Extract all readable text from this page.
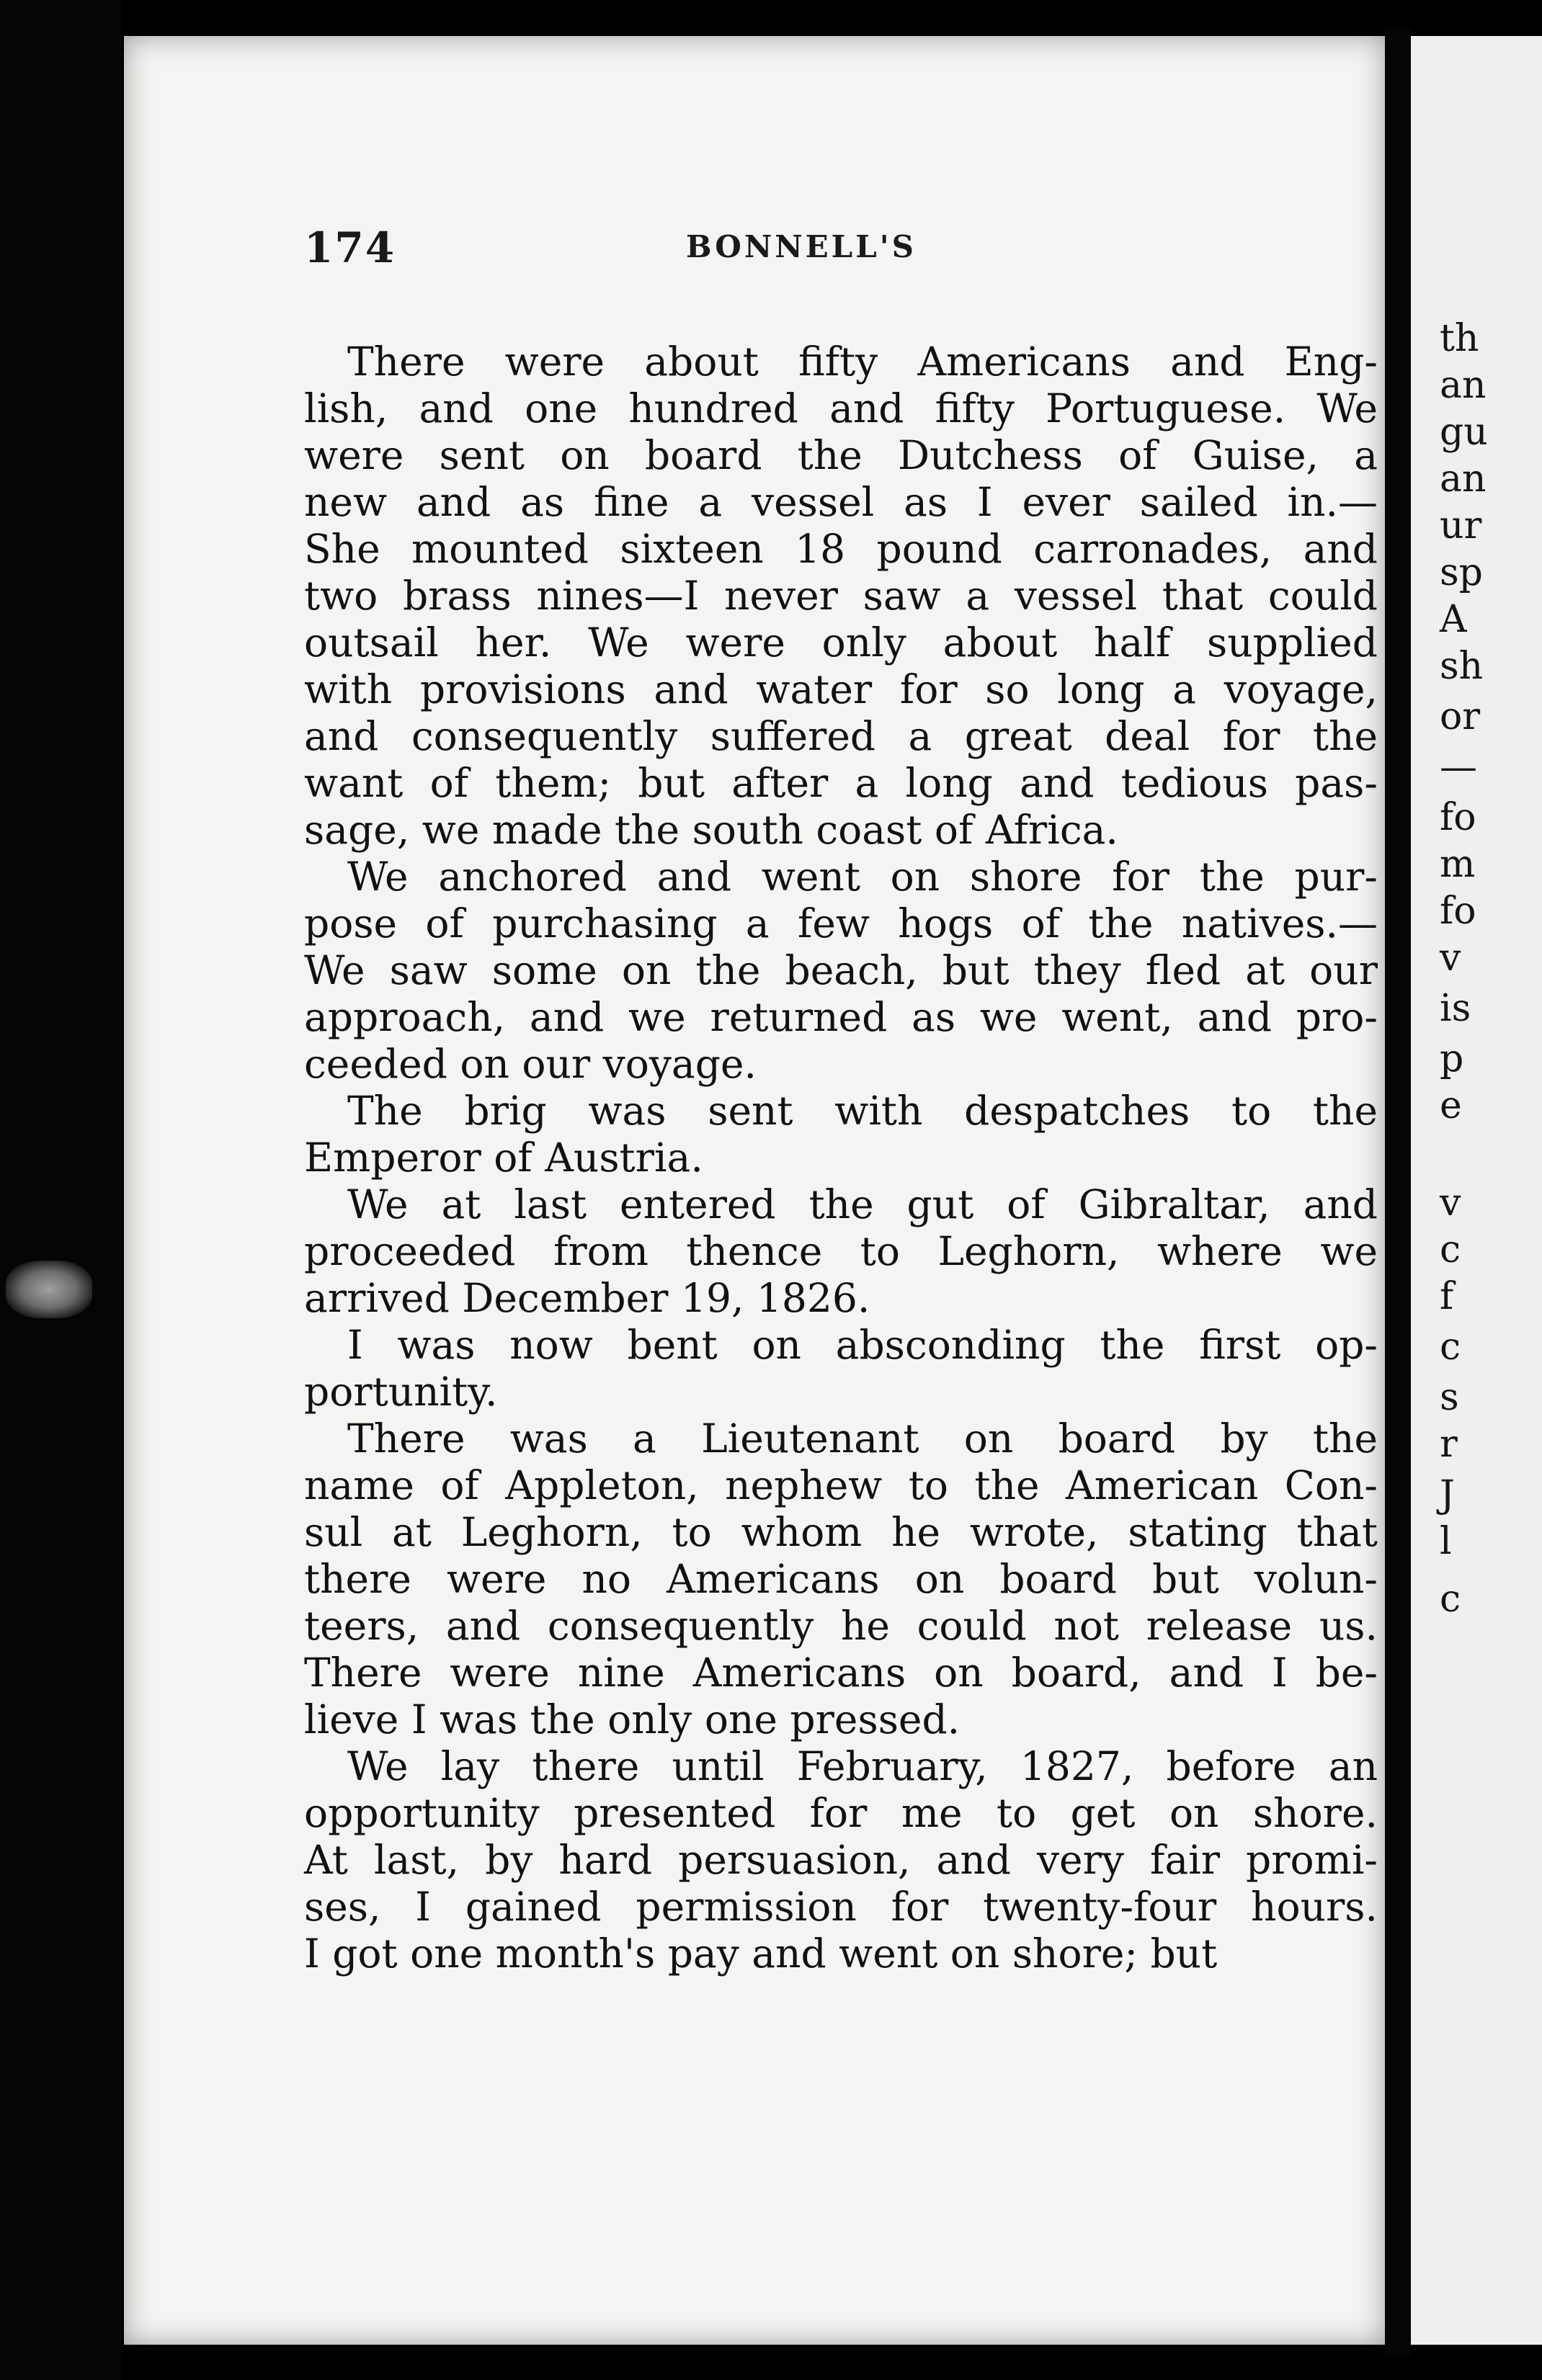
174	BONNELL'S
There were about fifty Americans and Eng-
lish, and one hundred and fifty Portuguese. We
were sent on board the Dutchess of Guise, a
new and as fine a vessel as I ever sailed in.—
She mounted sixteen 18 pound carronades, and
two brass nines—I never saw a vessel that could
outsail her. We were only about half supplied
with provisions and water for so long a voyage,
and consequently suffered a great deal for the
want of them; but after a long and tedious pas-
sage, we made the south coast of Africa.
We anchored and went on shore for the pur-
pose of purchasing a few hogs of the natives.—
We saw some on the beach, but they fled at our
approach, and we returned as we went, and pro-
ceeded on our voyage.
The brig was sent with despatches to the
Emperor of Austria.
We at last entered the gut of Gibraltar, and
proceeded from thence to Leghorn, where we
arrived December 19, 1826.
I was now bent on absconding the first op-
portunity.
There was a Lieutenant on board by the
name of Appleton, nephew to the American Con-
sul at Leghorn, to whom he wrote, stating that
there were no Americans on board but volun-
teers, and consequently he could not release us.
There were nine Americans on board, and I be-
lieve I was the only one pressed.
We lay there until February, 1827, before an
opportunity presented for me to get on shore.
At last, by hard persuasion, and very fair promi-
ses, I gained permission for twenty-four hours.
I got one month's pay and went on shore; but
th
an
gu
an
ur
sp
A
sh
or
—
fo
m
fo
v
is
p
e
v
c
f
c
s
r
J
l
c
